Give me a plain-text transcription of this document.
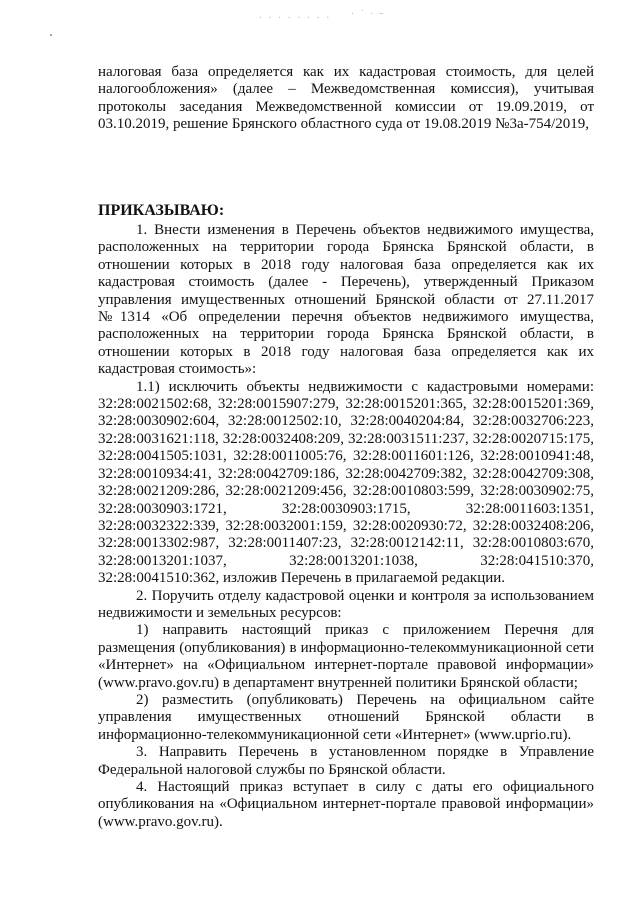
· · · · · · · · · ´ · ~

налоговая база определяется как их кадастровая стоимость, для целей налогообложения» (далее – Межведомственная комиссия), учитывая протоколы заседания Межведомственной комиссии от 19.09.2019, от 03.10.2019, решение Брянского областного суда от 19.08.2019 №3а-754/2019,

ПРИКАЗЫВАЮ:

1. Внести изменения в Перечень объектов недвижимого имущества, расположенных на территории города Брянска Брянской области, в отношении которых в 2018 году налоговая база определяется как их кадастровая стоимость (далее - Перечень), утвержденный Приказом управления имущественных отношений Брянской области от 27.11.2017 №1314 «Об определении перечня объектов недвижимого имущества, расположенных на территории города Брянска Брянской области, в отношении которых в 2018 году налоговая база определяется как их кадастровая стоимость»:

1.1) исключить объекты недвижимости с кадастровыми номерами: 32:28:0021502:68, 32:28:0015907:279, 32:28:0015201:365, 32:28:0015201:369, 32:28:0030902:604, 32:28:0012502:10, 32:28:0040204:84, 32:28:0032706:223, 32:28:0031621:118, 32:28:0032408:209, 32:28:0031511:237, 32:28:0020715:175, 32:28:0041505:1031, 32:28:0011005:76, 32:28:0011601:126, 32:28:0010941:48, 32:28:0010934:41, 32:28:0042709:186, 32:28:0042709:382, 32:28:0042709:308, 32:28:0021209:286, 32:28:0021209:456, 32:28:0010803:599, 32:28:0030902:75, 32:28:0030903:1721, 32:28:0030903:1715, 32:28:0011603:1351, 32:28:0032322:339, 32:28:0032001:159, 32:28:0020930:72, 32:28:0032408:206, 32:28:0013302:987, 32:28:0011407:23, 32:28:0012142:11, 32:28:0010803:670, 32:28:0013201:1037, 32:28:0013201:1038, 32:28:041510:370, 32:28:0041510:362, изложив Перечень в прилагаемой редакции.

2. Поручить отделу кадастровой оценки и контроля за использованием недвижимости и земельных ресурсов:

1) направить настоящий приказ с приложением Перечня для размещения (опубликования) в информационно-телекоммуникационной сети «Интернет» на «Официальном интернет-портале правовой информации» (www.pravo.gov.ru) в департамент внутренней политики Брянской области;

2) разместить (опубликовать) Перечень на официальном сайте управления имущественных отношений Брянской области в информационно-телекоммуникационной сети «Интернет» (www.uprio.ru).

3. Направить Перечень в установленном порядке в Управление Федеральной налоговой службы по Брянской области.

4. Настоящий приказ вступает в силу с даты его официального опубликования на «Официальном интернет-портале правовой информации» (www.pravo.gov.ru).
